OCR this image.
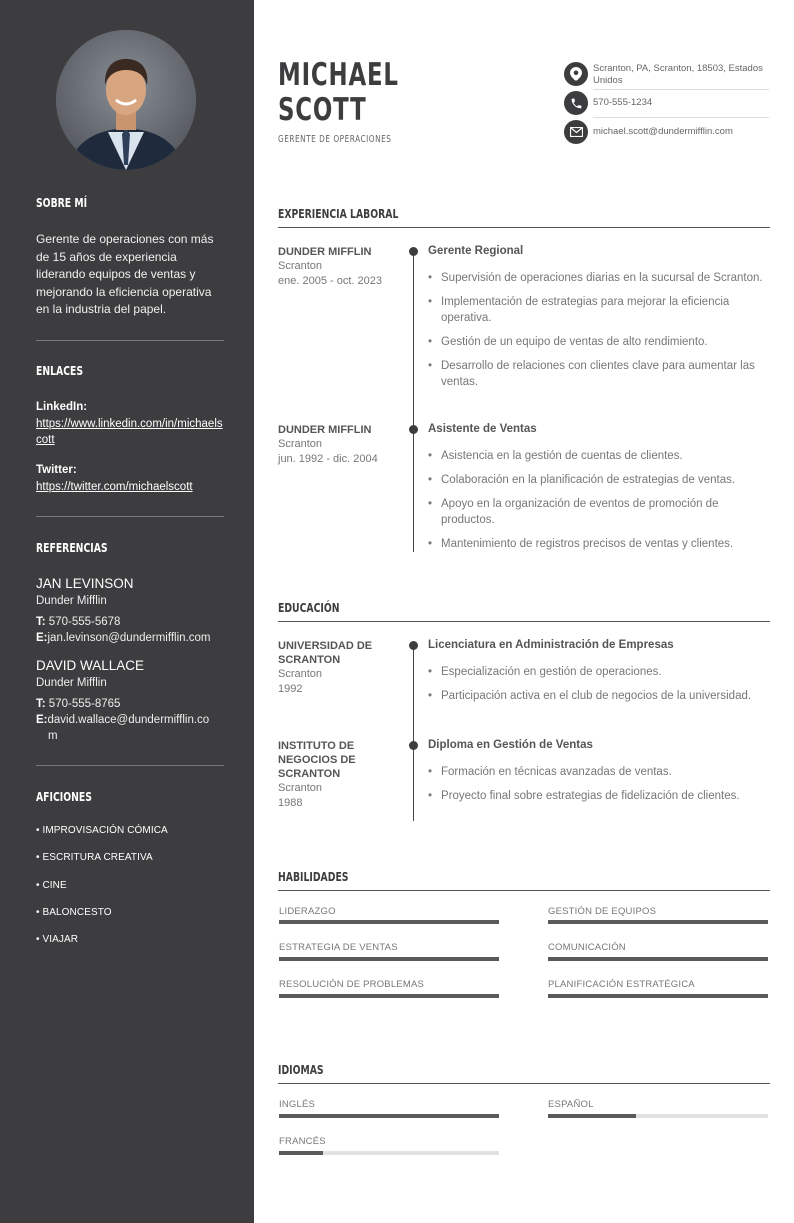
SOBRE MÍ
Gerente de operaciones con más de 15 años de experiencia liderando equipos de ventas y mejorando la eficiencia operativa en la industria del papel.
ENLACES
LinkedIn:
https://www.linkedin.com/in/michaelscott
Twitter:
https://twitter.com/michaelscott
REFERENCIAS
JAN LEVINSON
Dunder Mifflin
T: 570-555-5678
E:jan.levinson@dundermifflin.com
DAVID WALLACE
Dunder Mifflin
T: 570-555-8765
E:david.wallace@dundermifflin.co
m
AFICIONES
• IMPROVISACIÓN CÓMICA
• ESCRITURA CREATIVA
• CINE
• BALONCESTO
• VIAJAR
MICHAEL
SCOTT
GERENTE DE OPERACIONES
Scranton, PA, Scranton, 18503, Estados Unidos
570-555-1234
michael.scott@dundermifflin.com
EXPERIENCIA LABORAL
DUNDER MIFFLIN
Scranton
ene. 2005 - oct. 2023
Gerente Regional
• Supervisión de operaciones diarias en la sucursal de Scranton.
• Implementación de estrategias para mejorar la eficiencia operativa.
• Gestión de un equipo de ventas de alto rendimiento.
• Desarrollo de relaciones con clientes clave para aumentar las ventas.
DUNDER MIFFLIN
Scranton
jun. 1992 - dic. 2004
Asistente de Ventas
• Asistencia en la gestión de cuentas de clientes.
• Colaboración en la planificación de estrategias de ventas.
• Apoyo en la organización de eventos de promoción de productos.
• Mantenimiento de registros precisos de ventas y clientes.
EDUCACIÓN
UNIVERSIDAD DE SCRANTON
Scranton
1992
Licenciatura en Administración de Empresas
• Especialización en gestión de operaciones.
• Participación activa en el club de negocios de la universidad.
INSTITUTO DE NEGOCIOS DE SCRANTON
Scranton
1988
Diploma en Gestión de Ventas
• Formación en técnicas avanzadas de ventas.
• Proyecto final sobre estrategias de fidelización de clientes.
HABILIDADES
LIDERAZGO	GESTIÓN DE EQUIPOS
ESTRATEGIA DE VENTAS	COMUNICACIÓN
RESOLUCIÓN DE PROBLEMAS	PLANIFICACIÓN ESTRATÉGICA
IDIOMAS
INGLÉS	ESPAÑOL
FRANCÉS
